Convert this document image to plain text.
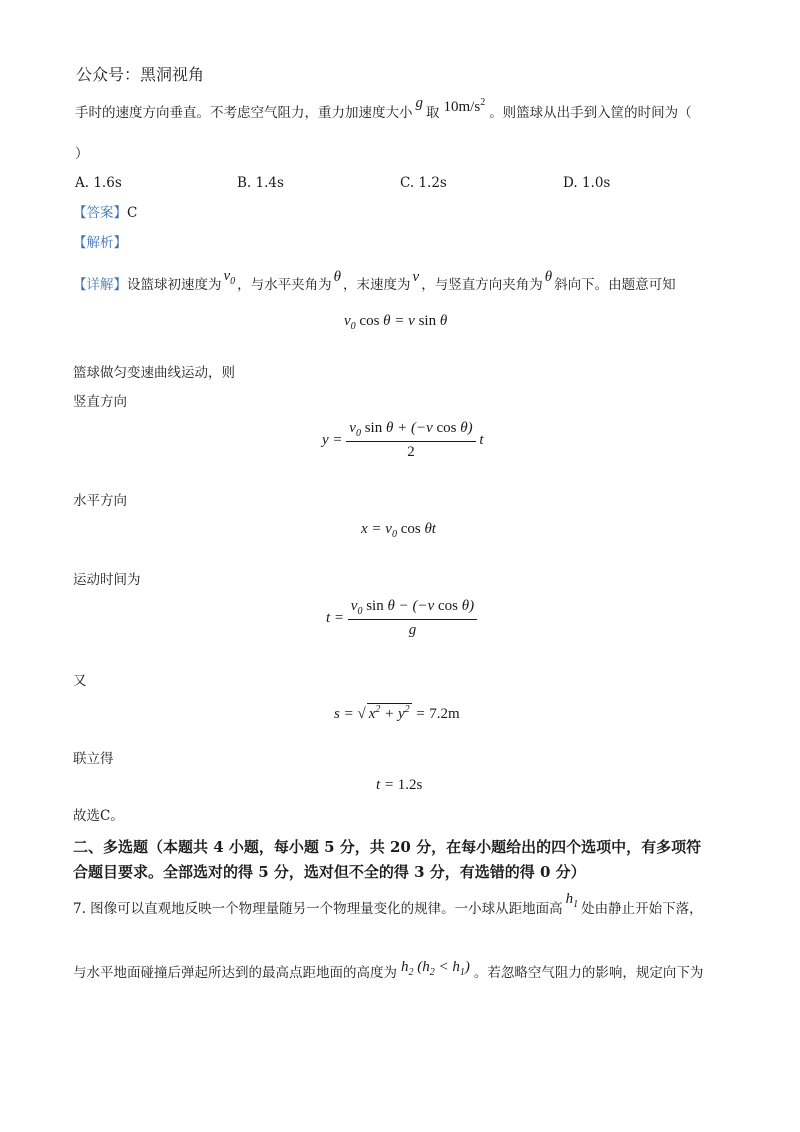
公众号：黑洞视角
手时的速度方向垂直。不考虑空气阻力，重力加速度大小g取 $10m/s^2$。则篮球从出手到入筐的时间为（
）
A. 1.6s	B. 1.4s	C. 1.2s	D. 1.0s
【答案】C
【解析】
【详解】设篮球初速度为$v_0$ ，与水平夹角为 θ ，末速度为 v ，与竖直方向夹角为 θ 斜向下。由题意可知
$v_0$ cos θ = v sin θ
篮球做匀变速曲线运动，则
竖直方向
$y = \frac{v_0 \sin \theta + (-v \cos \theta)}{2}$ t
水平方向
$x = v_0$ cos θt
运动时间为
$t = \frac{v_0 \sin \theta - (-v \cos \theta)}{g}$
又
s = √ $x^2 + y^2 = 7.2m$
联立得
t = 1.2s
故选C。
二、多选题（本题共 4 小题，每小题 5 分，共 20 分，在每小题给出的四个选项中，有多项符
合题目要求。全部选对的得 5 分，选对但不全的得 3 分，有选错的得 0 分）
7. 图像可以直观地反映一个物理量随另一个物理量变化的规律。一小球从距地面高$h_1$ 处由静止开始下落，
与水平地面碰撞后弹起所达到的最高点距地面的高度为 $h_2$ $(h_2 < h_1)$ 。若忽略空气阻力的影响，规定向下为
